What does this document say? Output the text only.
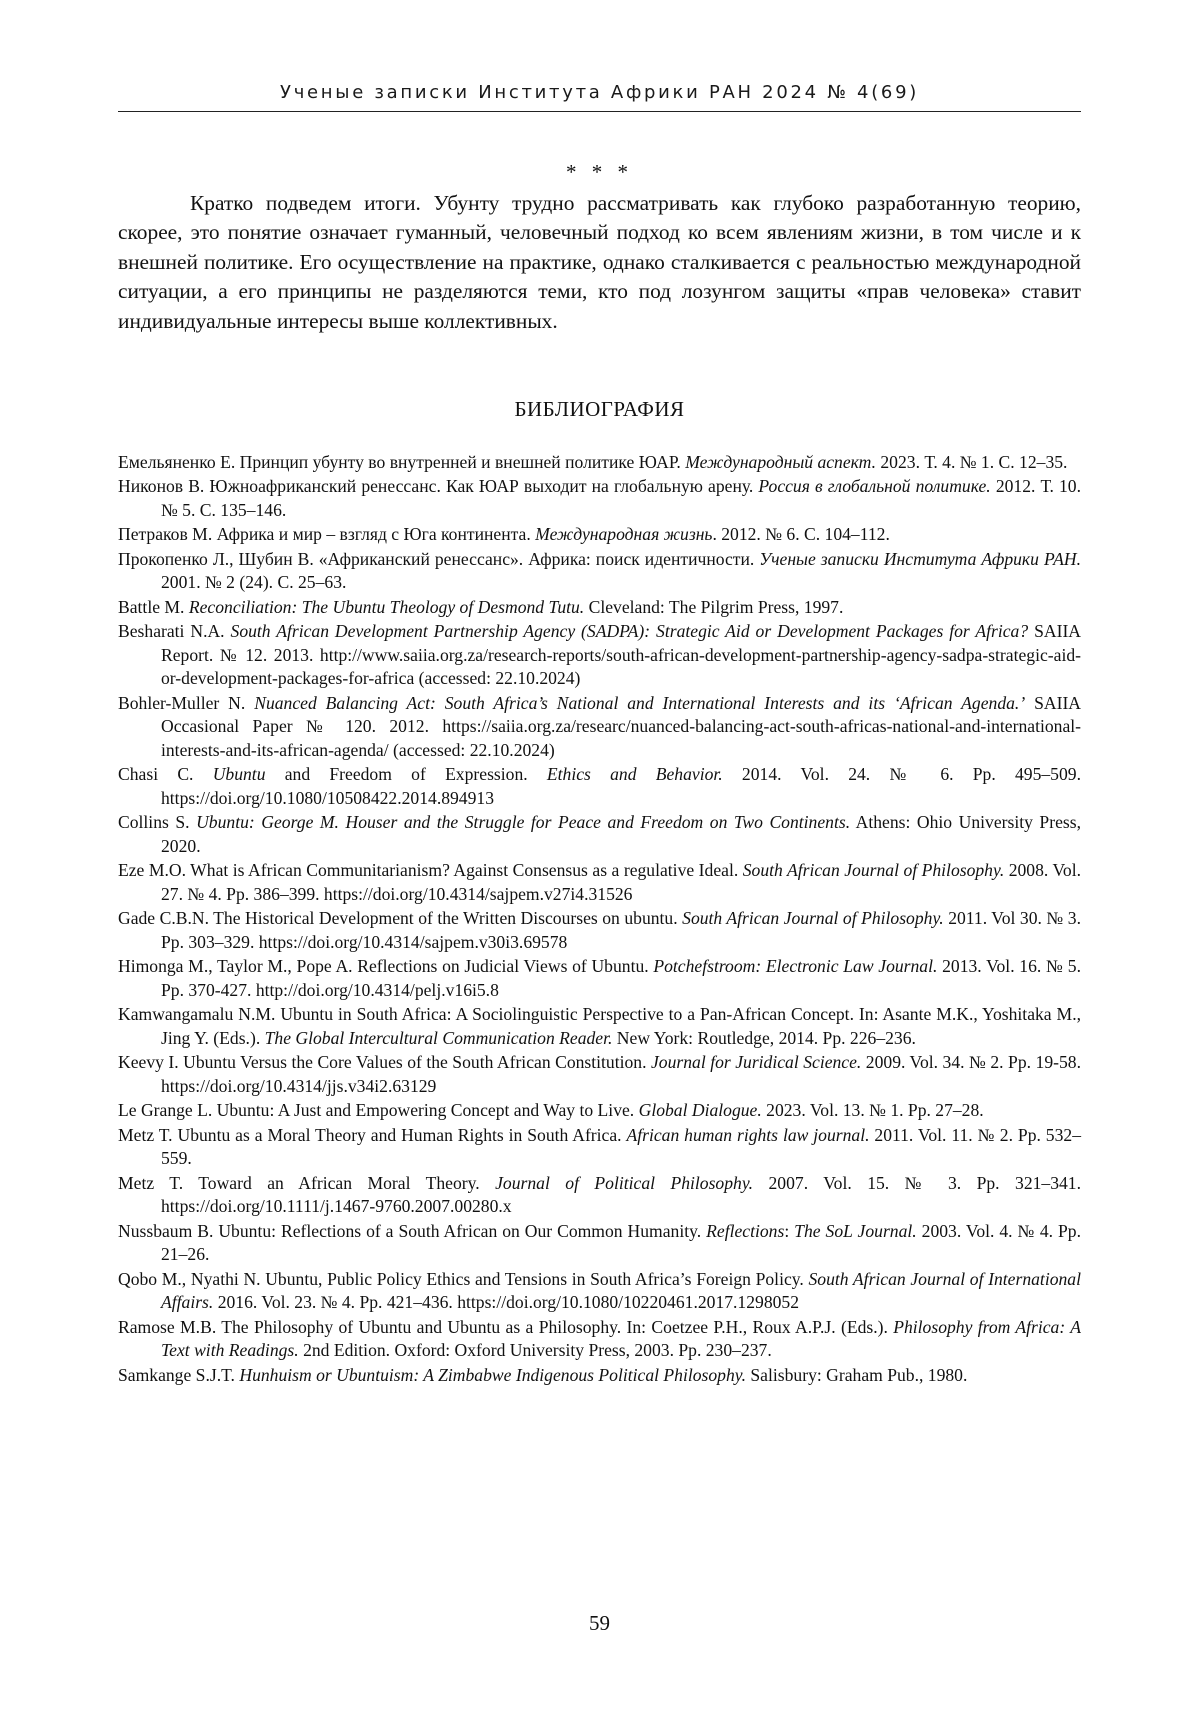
Ученые записки Института Африки РАН 2024 № 4(69)
* * *

Кратко подведем итоги. Убунту трудно рассматривать как глубоко разработанную теорию, скорее, это понятие означает гуманный, человечный подход ко всем явлениям жизни, в том числе и к внешней политике. Его осуществление на практике, однако сталкивается с реальностью международной ситуации, а его принципы не разделяются теми, кто под лозунгом защиты «прав человека» ставит индивидуальные интересы выше коллективных.

БИБЛИОГРАФИЯ
Емельяненко Е. Принцип убунту во внутренней и внешней политике ЮАР. Международный аспект. 2023. Т. 4. № 1. С. 12–35.
Никонов В. Южноафриканский ренессанс. Как ЮАР выходит на глобальную арену. Россия в глобальной политике. 2012. Т. 10. № 5. С. 135–146.
Петраков М. Африка и мир – взгляд с Юга континента. Международная жизнь. 2012. № 6. С. 104–112.
Прокопенко Л., Шубин В. «Африканский ренессанс». Африка: поиск идентичности. Ученые записки Института Африки РАН. 2001. № 2 (24). С. 25–63.
Battle M. Reconciliation: The Ubuntu Theology of Desmond Tutu. Cleveland: The Pilgrim Press, 1997.
Besharati N.A. South African Development Partnership Agency (SADPA): Strategic Aid or Development Packages for Africa? SAIIA Report. № 12. 2013. http://www.saiia.org.za/research-reports/south-african-development-partnership-agency-sadpa-strategic-aid-or-development-packages-for-africa (accessed: 22.10.2024)
Bohler-Muller N. Nuanced Balancing Act: South Africa’s National and International Interests and its ‘African Agenda.’ SAIIA Occasional Paper № 120. 2012. https://saiia.org.za/researc/nuanced-balancing-act-south-africas-national-and-international-interests-and-its-african-agenda/ (accessed: 22.10.2024)
Chasi C. Ubuntu and Freedom of Expression. Ethics and Behavior. 2014. Vol. 24. № 6. Pp. 495–509. https://doi.org/10.1080/10508422.2014.894913
Collins S. Ubuntu: George M. Houser and the Struggle for Peace and Freedom on Two Continents. Athens: Ohio University Press, 2020.
Eze M.O. What is African Communitarianism? Against Consensus as a regulative Ideal. South African Journal of Philosophy. 2008. Vol. 27. № 4. Pp. 386–399. https://doi.org/10.4314/sajpem.v27i4.31526
Gade C.B.N. The Historical Development of the Written Discourses on ubuntu. South African Journal of Philosophy. 2011. Vol 30. № 3. Pp. 303–329. https://doi.org/10.4314/sajpem.v30i3.69578
Himonga M., Taylor M., Pope A. Reflections on Judicial Views of Ubuntu. Potchefstroom: Electronic Law Journal. 2013. Vol. 16. № 5. Pp. 370-427. http://doi.org/10.4314/pelj.v16i5.8
Kamwangamalu N.M. Ubuntu in South Africa: A Sociolinguistic Perspective to a Pan-African Concept. In: Asante M.K., Yoshitaka M., Jing Y. (Eds.). The Global Intercultural Communication Reader. New York: Routledge, 2014. Pp. 226–236.
Keevy I. Ubuntu Versus the Core Values of the South African Constitution. Journal for Juridical Science. 2009. Vol. 34. № 2. Pp. 19-58. https://doi.org/10.4314/jjs.v34i2.63129
Le Grange L. Ubuntu: A Just and Empowering Concept and Way to Live. Global Dialogue. 2023. Vol. 13. № 1. Pp. 27–28.
Metz T. Ubuntu as a Moral Theory and Human Rights in South Africa. African human rights law journal. 2011. Vol. 11. № 2. Pp. 532–559.
Metz T. Toward an African Moral Theory. Journal of Political Philosophy. 2007. Vol. 15. № 3. Pp. 321–341. https://doi.org/10.1111/j.1467-9760.2007.00280.x
Nussbaum B. Ubuntu: Reflections of a South African on Our Common Humanity. Reflections: The SoL Journal. 2003. Vol. 4. № 4. Pp. 21–26.
Qobo M., Nyathi N. Ubuntu, Public Policy Ethics and Tensions in South Africa’s Foreign Policy. South African Journal of International Affairs. 2016. Vol. 23. № 4. Pp. 421–436. https://doi.org/10.1080/10220461.2017.1298052
Ramose M.B. The Philosophy of Ubuntu and Ubuntu as a Philosophy. In: Coetzee P.H., Roux A.P.J. (Eds.). Philosophy from Africa: A Text with Readings. 2nd Edition. Oxford: Oxford University Press, 2003. Pp. 230–237.
Samkange S.J.T. Hunhuism or Ubuntuism: A Zimbabwe Indigenous Political Philosophy. Salisbury: Graham Pub., 1980.
59
